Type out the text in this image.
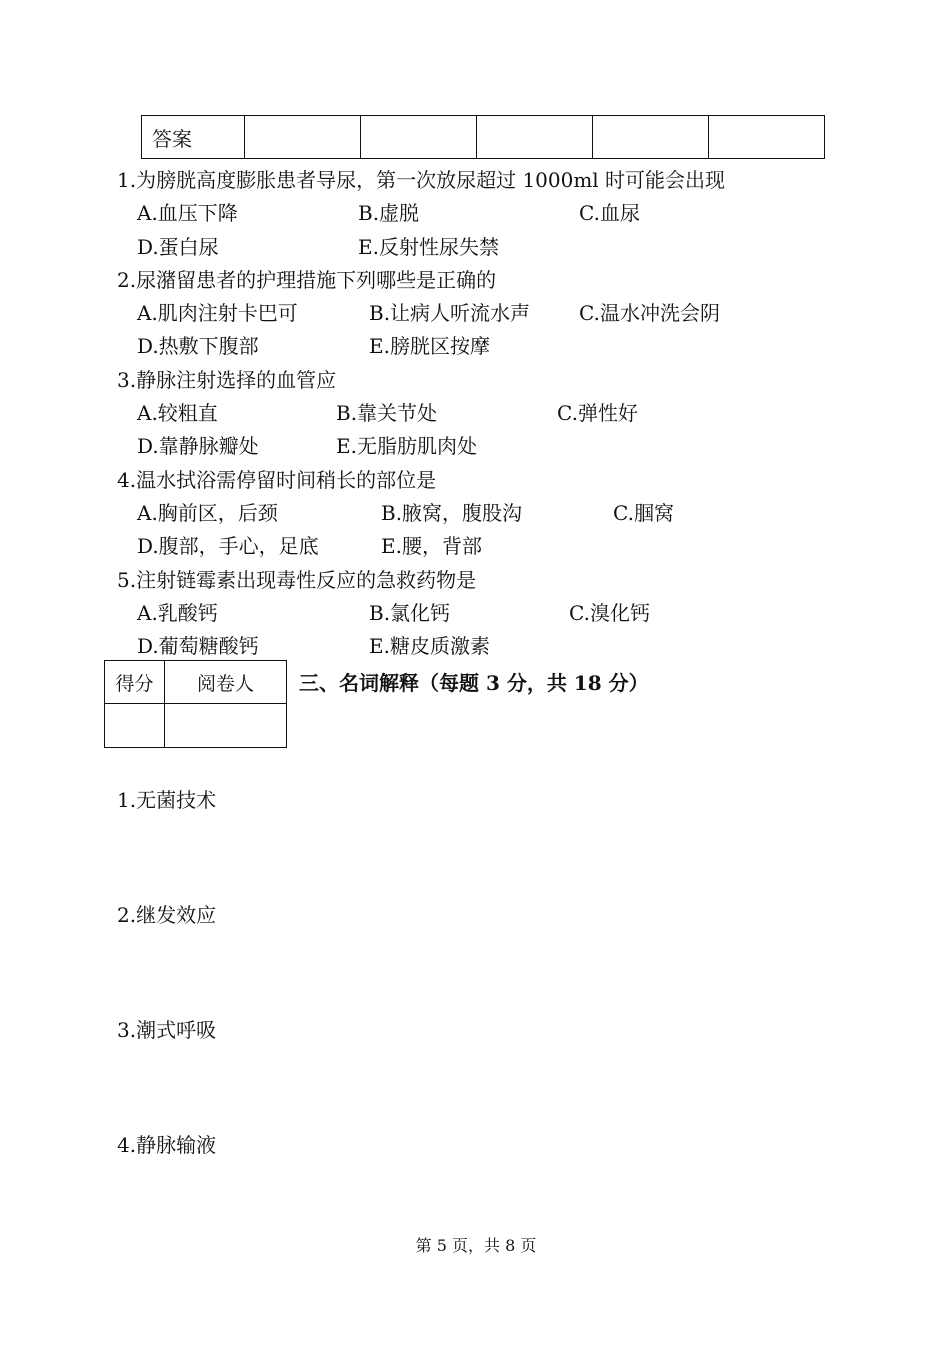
答案					
1.为膀胱高度膨胀患者导尿，第一次放尿超过 1000ml 时可能会出现
A.血压下降	B.虚脱	C.血尿
D.蛋白尿	E.反射性尿失禁
2.尿潴留患者的护理措施下列哪些是正确的
A.肌肉注射卡巴可	B.让病人听流水声 C.温水冲洗会阴
D.热敷下腹部	E.膀胱区按摩
3.静脉注射选择的血管应
A.较粗直	B.靠关节处	C.弹性好
D.靠静脉瓣处	E.无脂肪肌肉处
4.温水拭浴需停留时间稍长的部位是
A.胸前区，后颈	B.腋窝，腹股沟	C.腘窝
D.腹部，手心，足底	E.腰，背部
5.注射链霉素出现毒性反应的急救药物是
A.乳酸钙	B.氯化钙	C.溴化钙
D.葡萄糖酸钙	E.糖皮质激素
得分	阅卷人
	三、名词解释（每题 3 分，共 18 分）
1.无菌技术
2.继发效应
3.潮式呼吸
4.静脉输液
第 5 页，共 8 页
